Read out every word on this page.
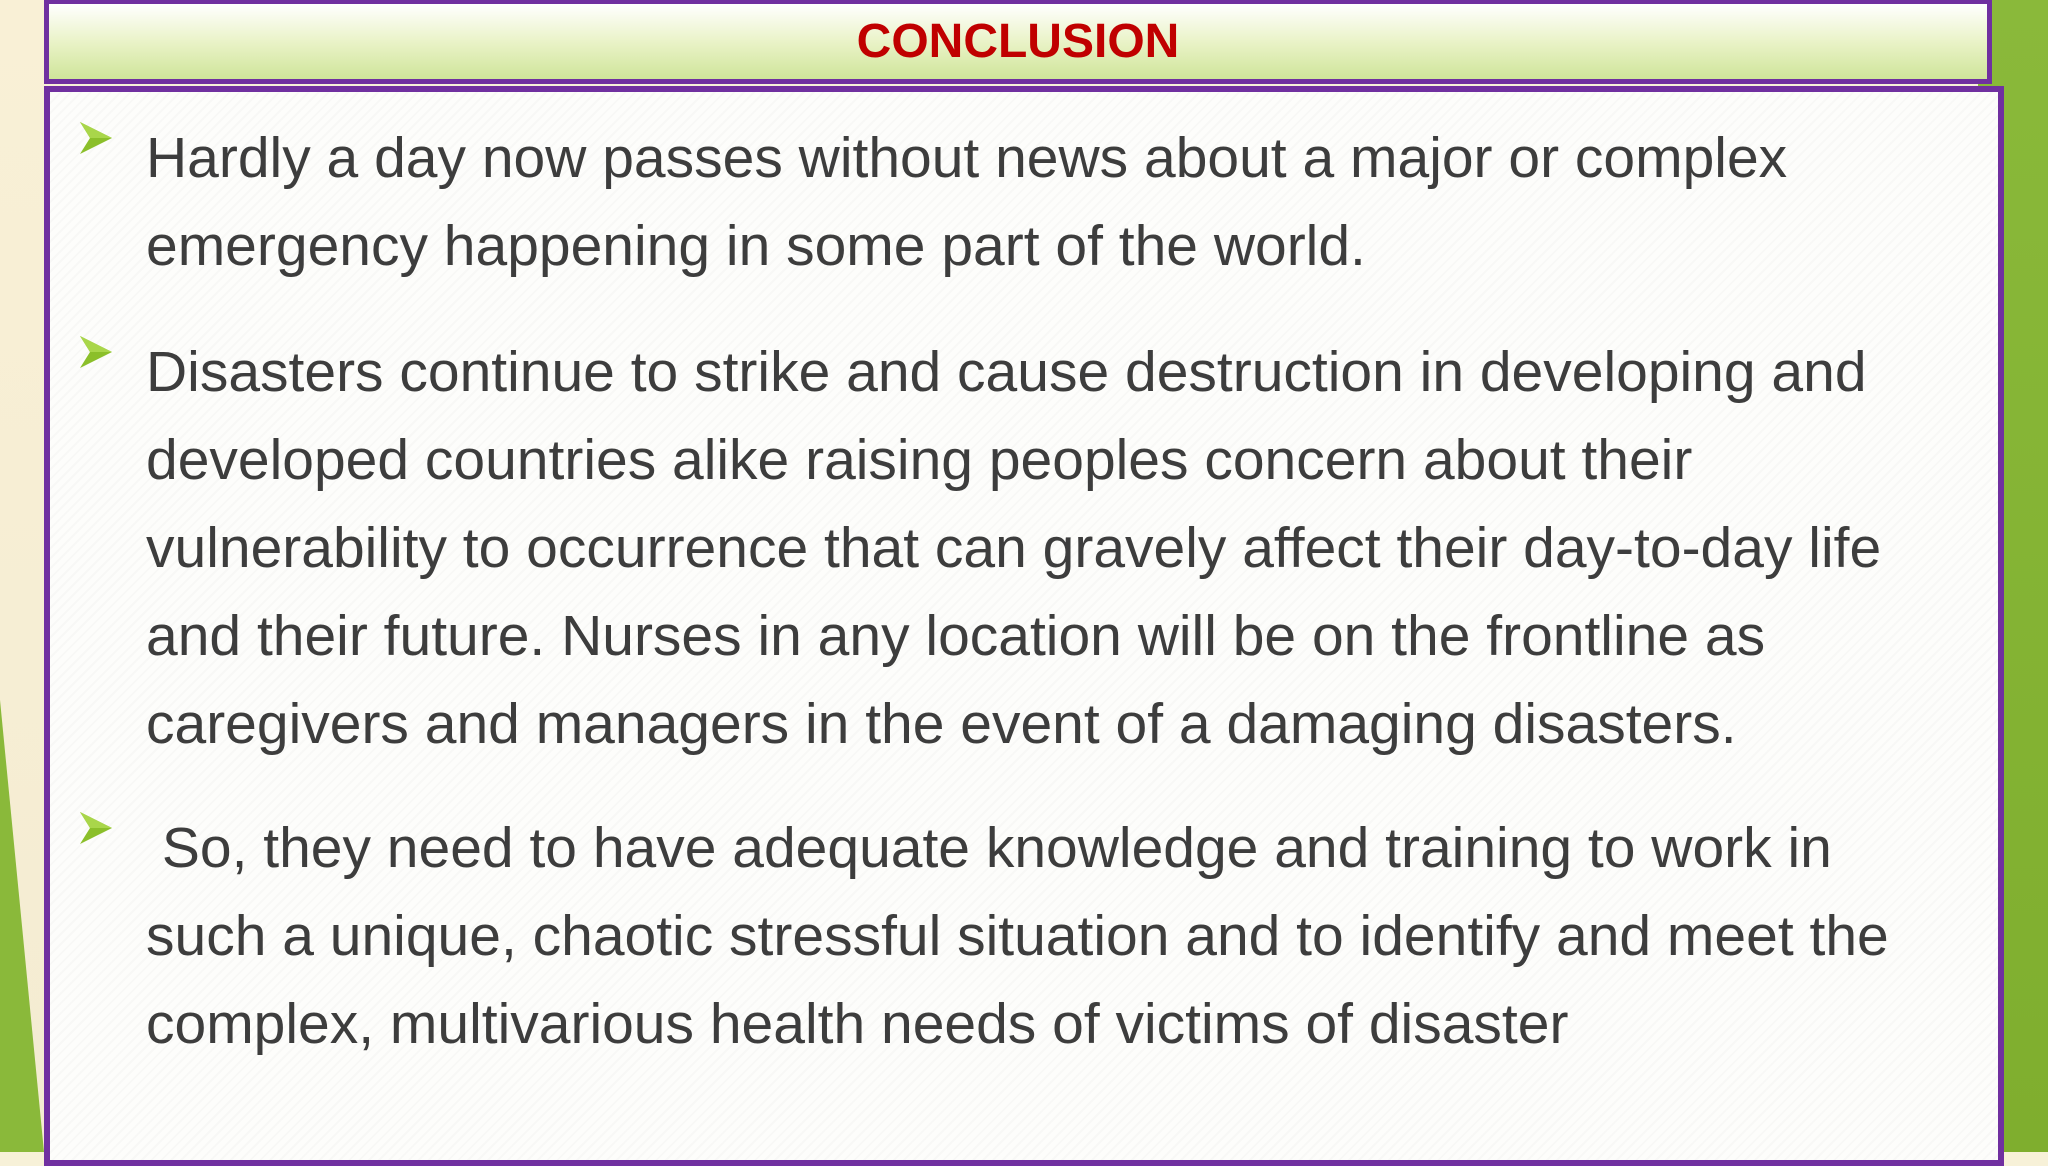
CONCLUSION
Hardly a day now passes without news about a major or complex emergency happening in some part of the world.
Disasters continue to strike and cause destruction in developing and developed countries alike raising peoples concern about their vulnerability to occurrence that can gravely affect their day-to-day life and their future. Nurses in any location will be on the frontline as caregivers and managers in the event of a damaging disasters.
So, they need to have adequate knowledge and training to work in such a unique, chaotic stressful situation and to identify and meet the complex, multivarious health needs of victims of disaster
